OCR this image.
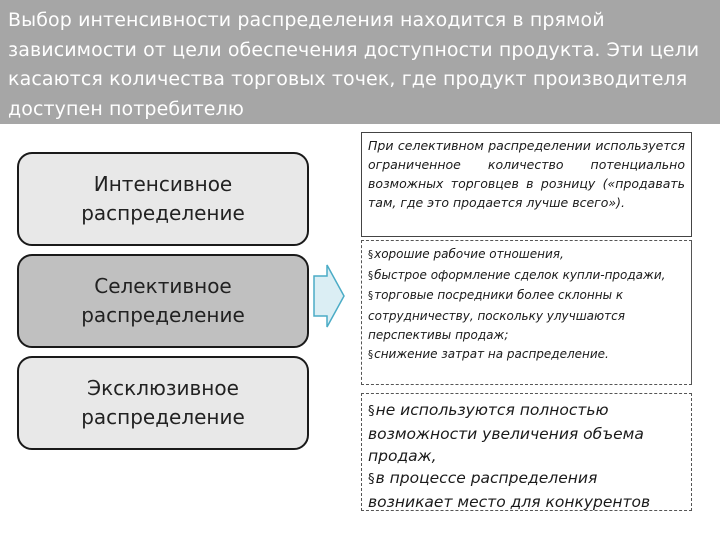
Выбор интенсивности распределения находится в прямой зависимости от цели обеспечения доступности продукта. Эти цели касаются количества торговых точек, где продукт производителя доступен потребителю

Интенсивное
распределение
Селективное
распределение
Эксклюзивное
распределение
При селективном распределении используется ограниченное количество потенциально возможных торговцев в розницу («продавать там, где это продается лучше всего»).
§хорошие рабочие отношения,
§быстрое оформление сделок купли-продажи,
§торговые посредники более склонны к сотрудничеству, поскольку улучшаются перспективы продаж;
§снижение затрат на распределение.
§не используются полностью возможности увеличения объема продаж,
§в процессе распределения возникает место для конкурентов
